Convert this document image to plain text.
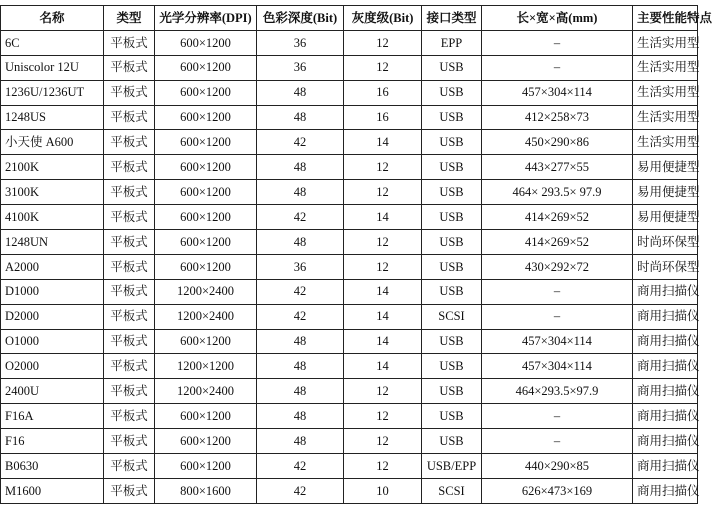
名称	类型	光学分辨率(DPI)	色彩深度(Bit)	灰度级(Bit)	接口类型	长×宽×高(mm)	主要性能特点
6C	平板式	600×1200	36	12	EPP	–	生活实用型
Uniscolor 12U	平板式	600×1200	36	12	USB	–	生活实用型
1236U/1236UT	平板式	600×1200	48	16	USB	457×304×114	生活实用型
1248US	平板式	600×1200	48	16	USB	412×258×73	生活实用型
小天使 A600	平板式	600×1200	42	14	USB	450×290×86	生活实用型
2100K	平板式	600×1200	48	12	USB	443×277×55	易用便捷型
3100K	平板式	600×1200	48	12	USB	464× 293.5× 97.9	易用便捷型
4100K	平板式	600×1200	42	14	USB	414×269×52	易用便捷型
1248UN	平板式	600×1200	48	12	USB	414×269×52	时尚环保型
A2000	平板式	600×1200	36	12	USB	430×292×72	时尚环保型
D1000	平板式	1200×2400	42	14	USB	–	商用扫描仪
D2000	平板式	1200×2400	42	14	SCSI	–	商用扫描仪
O1000	平板式	600×1200	48	14	USB	457×304×114	商用扫描仪
O2000	平板式	1200×1200	48	14	USB	457×304×114	商用扫描仪
2400U	平板式	1200×2400	48	12	USB	464×293.5×97.9	商用扫描仪
F16A	平板式	600×1200	48	12	USB	–	商用扫描仪
F16	平板式	600×1200	48	12	USB	–	商用扫描仪
B0630	平板式	600×1200	42	12	USB/EPP	440×290×85	商用扫描仪
M1600	平板式	800×1600	42	10	SCSI	626×473×169	商用扫描仪
